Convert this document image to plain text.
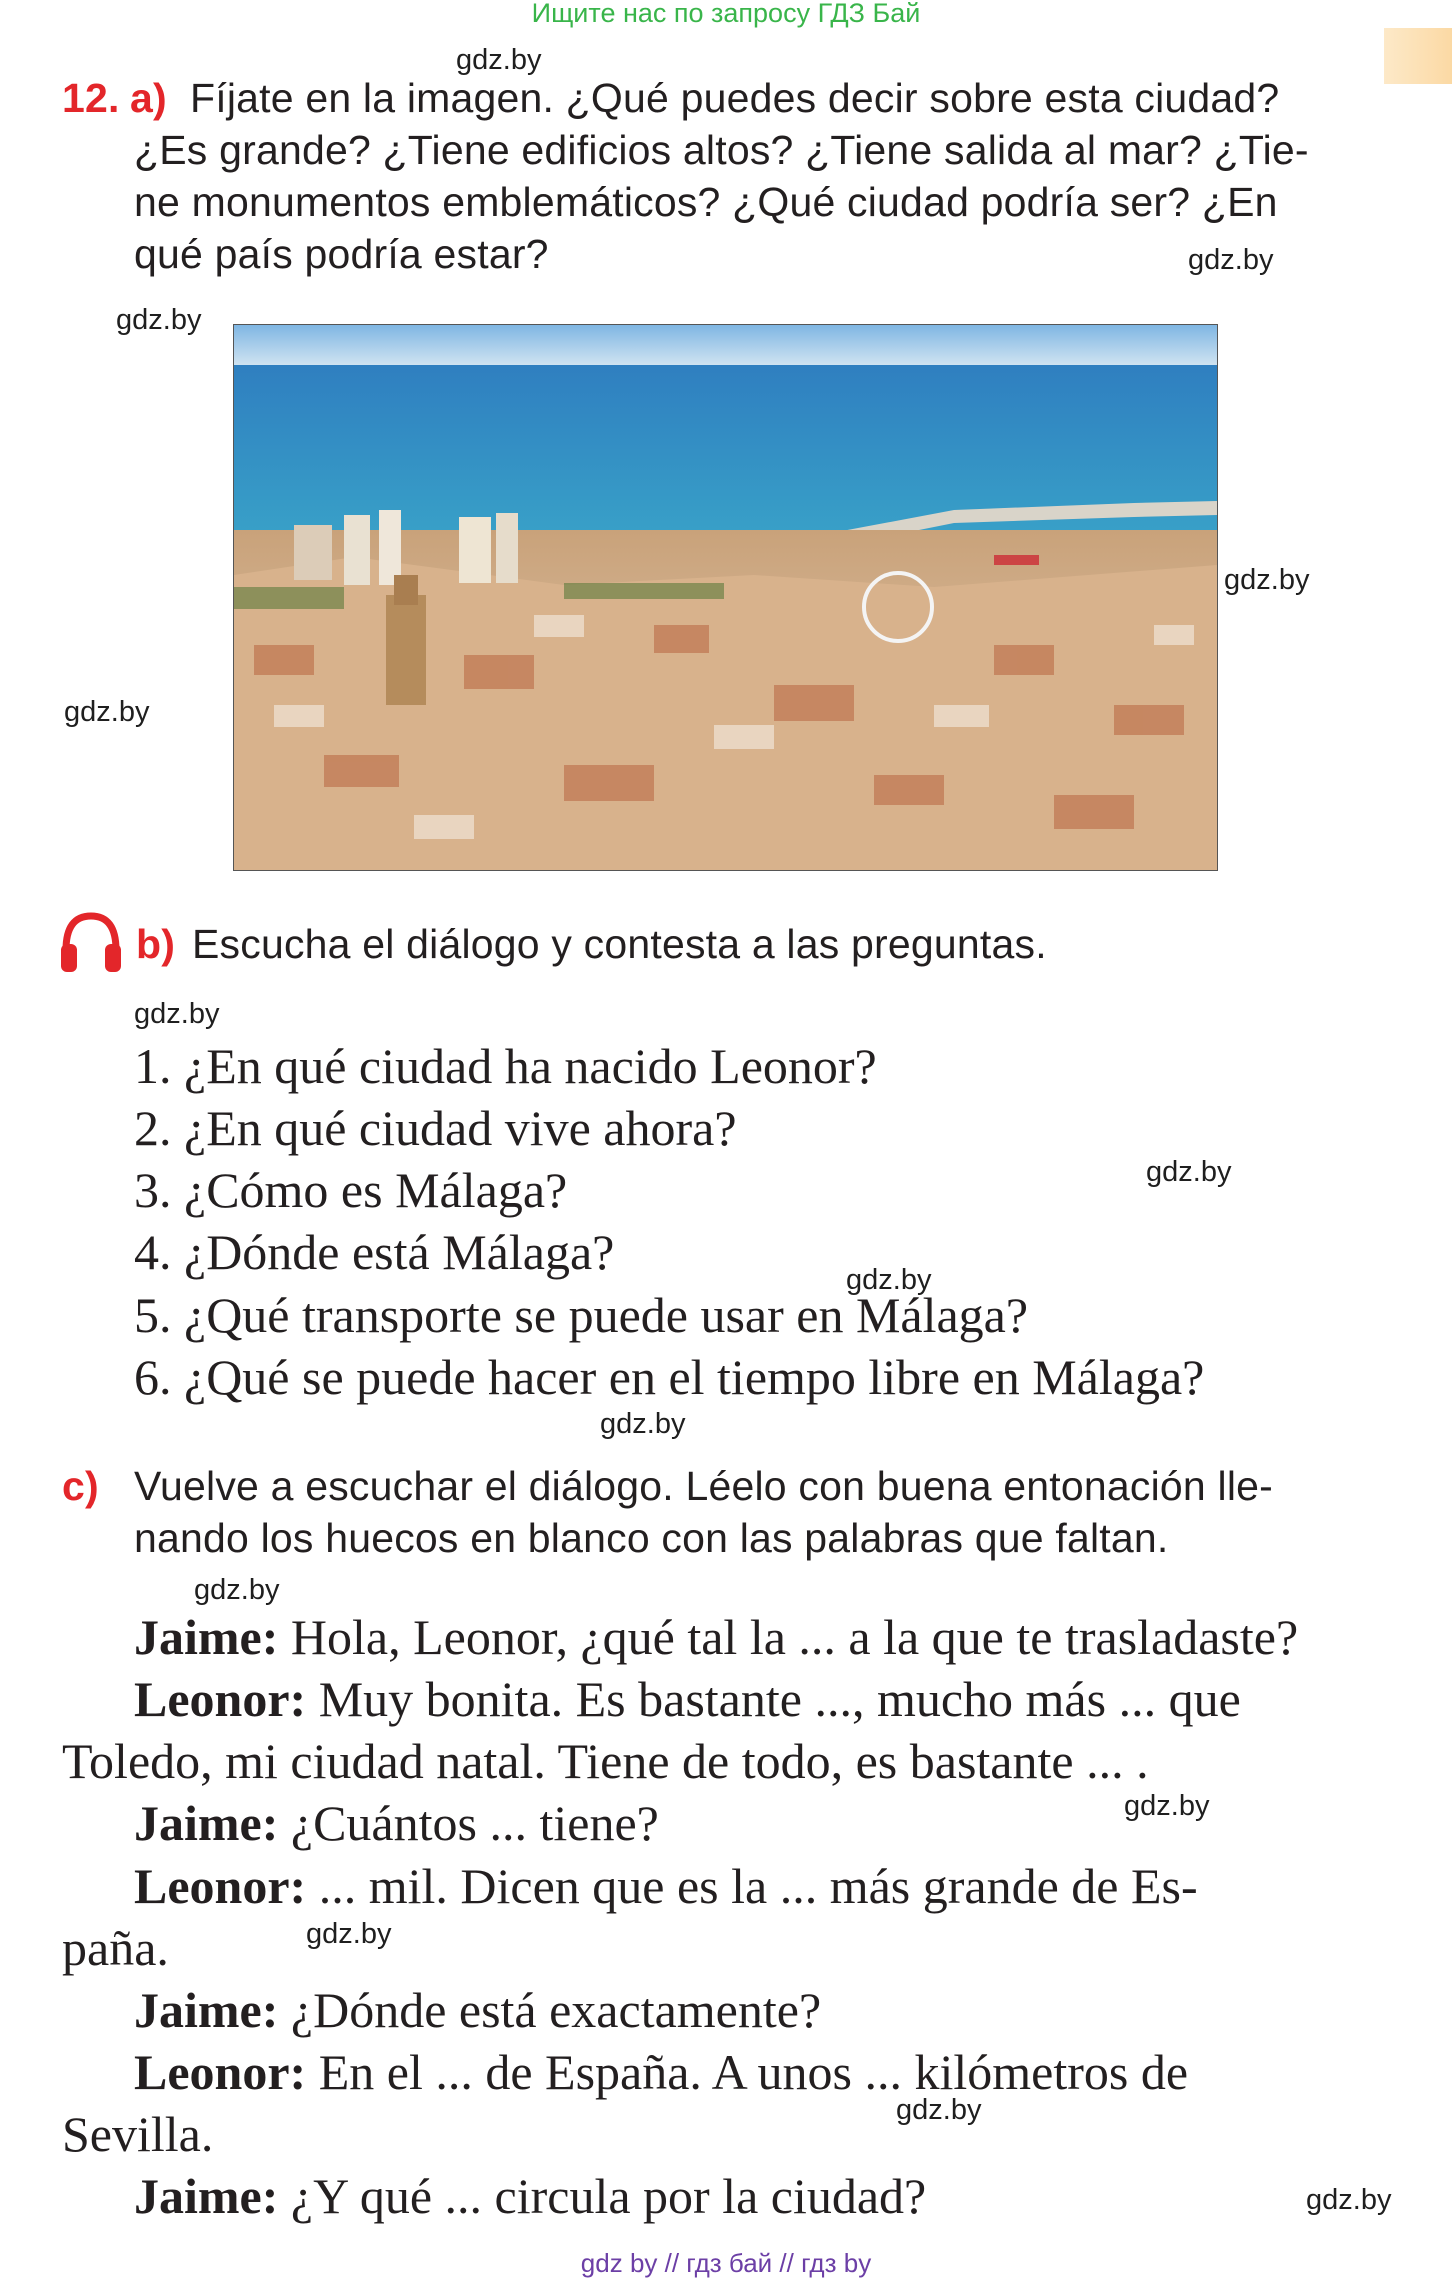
Ищите нас по запросу ГДЗ Бай
gdz.by
gdz.by
gdz.by
gdz.by
gdz.by
gdz.by
gdz.by
gdz.by
gdz.by
gdz.by
gdz.by
gdz.by
gdz.by
gdz.by
12. a) Fíjate en la imagen. ¿Qué puedes decir sobre esta ciudad?
¿Es grande? ¿Tiene edificios altos? ¿Tiene salida al mar? ¿Tie-
ne monumentos emblemáticos? ¿Qué ciudad podría ser? ¿En
qué país podría estar?
b) Escucha el diálogo y contesta a las preguntas.
1. ¿En qué ciudad ha nacido Leonor?
2. ¿En qué ciudad vive ahora?
3. ¿Cómo es Málaga?
4. ¿Dónde está Málaga?
5. ¿Qué transporte se puede usar en Málaga?
6. ¿Qué se puede hacer en el tiempo libre en Málaga?
c) Vuelve a escuchar el diálogo. Léelo con buena entonación lle-
nando los huecos en blanco con las palabras que faltan.
Jaime: Hola, Leonor, ¿qué tal la ... a la que te trasladaste?
Leonor: Muy bonita. Es bastante ..., mucho más ... que
Toledo, mi ciudad natal. Tiene de todo, es bastante ... .
Jaime: ¿Cuántos ... tiene?
Leonor: ... mil. Dicen que es la ... más grande de Es-
paña.
Jaime: ¿Dónde está exactamente?
Leonor: En el ... de España. A unos ... kilómetros de
Sevilla.
Jaime: ¿Y qué ... circula por la ciudad?
gdz by // гдз бай // гдз by
